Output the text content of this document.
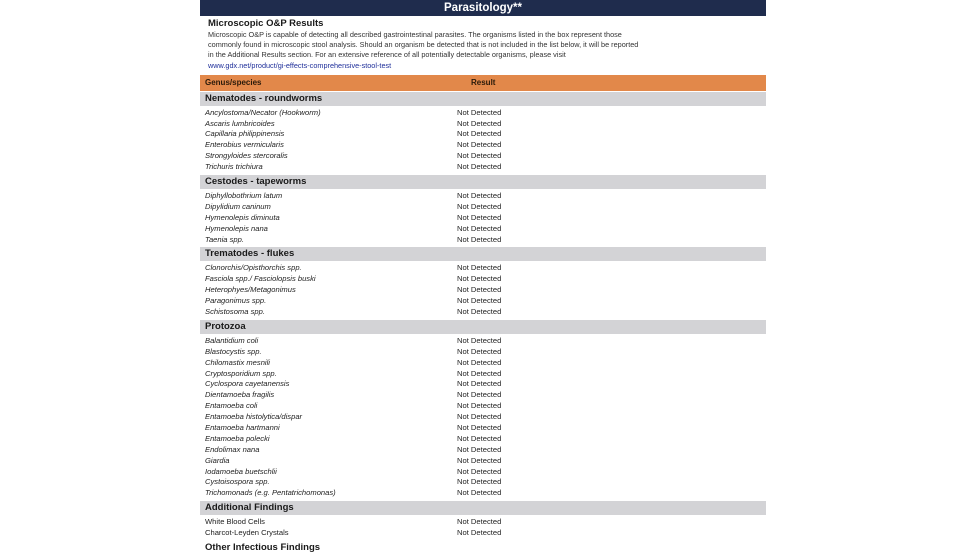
Parasitology**
Microscopic O&P Results

Microscopic O&P is capable of detecting all described gastrointestinal parasites. The organisms listed in the box represent those

commonly found in microscopic stool analysis. Should an organism be detected that is not included in the list below, it will be reported

in the Additional Results section. For an extensive reference of all potentially detectable organisms, please visit

www.gdx.net/product/gi-effects-comprehensive-stool-test
Genus/species	Result
Nematodes - roundworms
Ancylostoma/Necator (Hookworm)	Not Detected
Ascaris lumbricoides	Not Detected
Capillaria philippinensis	Not Detected
Enterobius vermicularis	Not Detected
Strongyloides stercoralis	Not Detected
Trichuris trichiura	Not Detected
Cestodes - tapeworms
Diphyllobothrium latum	Not Detected
Dipylidium caninum	Not Detected
Hymenolepis diminuta	Not Detected
Hymenolepis nana	Not Detected
Taenia spp.	Not Detected
Trematodes - flukes
Clonorchis/Opisthorchis spp.	Not Detected
Fasciola spp./ Fasciolopsis buski	Not Detected
Heterophyes/Metagonimus	Not Detected
Paragonimus spp.	Not Detected
Schistosoma spp.	Not Detected
Protozoa
Balantidium coli	Not Detected
Blastocystis spp.	Not Detected
Chilomastix mesnili	Not Detected
Cryptosporidium spp.	Not Detected
Cyclospora cayetanensis	Not Detected
Dientamoeba fragilis	Not Detected
Entamoeba coli	Not Detected
Entamoeba histolytica/dispar	Not Detected
Entamoeba hartmanni	Not Detected
Entamoeba polecki	Not Detected
Endolimax nana	Not Detected
Giardia	Not Detected
Iodamoeba buetschlii	Not Detected
Cystoisospora spp.	Not Detected
Trichomonads (e.g. Pentatrichomonas)	Not Detected
Additional Findings
White Blood Cells	Not Detected
Charcot-Leyden Crystals	Not Detected
Other Infectious Findings
